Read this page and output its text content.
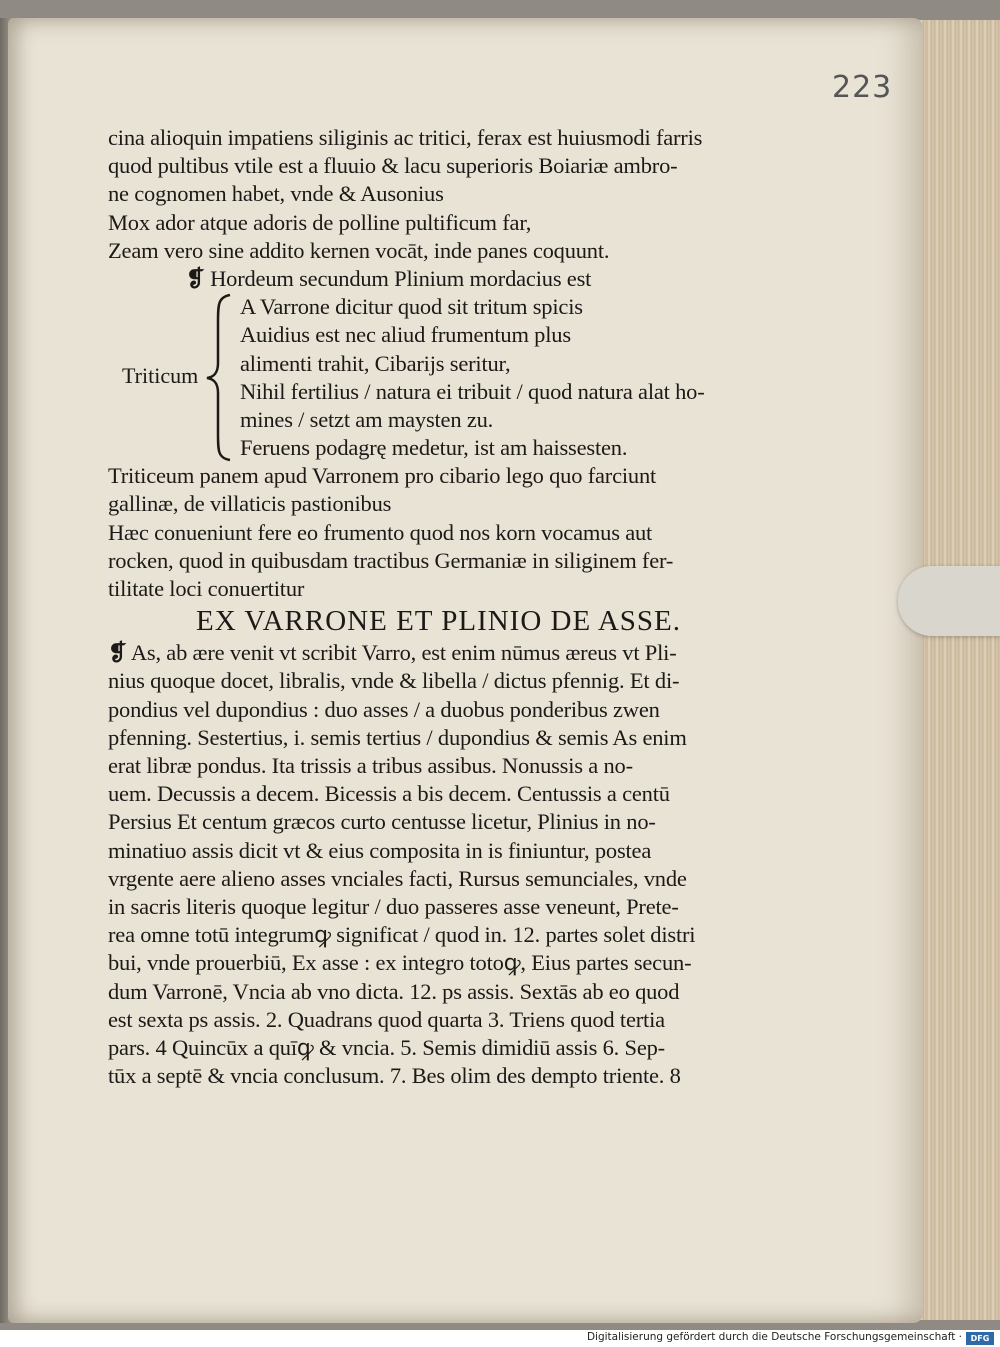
223
cina alioquin impatiens siliginis ac tritici, ferax est huiusmodi farris
quod pultibus vtile est a fluuio & lacu superioris Boiariæ ambro-
ne cognomen habet, vnde & Ausonius
Mox ador atque adoris de polline pultificum far,
Zeam vero sine addito kernen vocāt, inde panes coquunt.
❡ Hordeum secundum Plinium mordacius est
Triticum
A Varrone dicitur quod sit tritum spicis
Auidius est nec aliud frumentum plus
alimenti trahit, Cibarijs seritur,
Nihil fertilius / natura ei tribuit / quod natura alat ho-
mines / setzt am maysten zu.
Feruens podagrę medetur, ist am haissesten.
Triticeum panem apud Varronem pro cibario lego quo farciunt
gallinæ, de villaticis pastionibus
Hæc conueniunt fere eo frumento quod nos korn vocamus aut
rocken, quod in quibusdam tractibus Germaniæ in siliginem fer-
tilitate loci conuertitur
EX VARRONE ET PLINIO DE ASSE.
❡ As, ab ære venit vt scribit Varro, est enim nūmus æreus vt Pli-
nius quoque docet, libralis, vnde & libella / dictus pfennig. Et di-
pondius vel dupondius : duo asses / a duobus ponderibus zwen
pfenning. Sestertius, i. semis tertius / dupondius & semis As enim
erat libræ pondus. Ita trissis a tribus assibus. Nonussis a no-
uem. Decussis a decem. Bicessis a bis decem. Centussis a centū
Persius Et centum græcos curto centusse licetur, Plinius in no-
minatiuo assis dicit vt & eius composita in is finiuntur, postea
vrgente aere alieno asses vnciales facti, Rursus semunciales, vnde
in sacris literis quoque legitur / duo passeres asse veneunt, Prete-
rea omne totū integrumꝙ significat / quod in. 12. partes solet distri
bui, vnde prouerbiū, Ex asse : ex integro totoꝙ, Eius partes secun-
dum Varronē, Vncia ab vno dicta. 12. ps assis. Sextās ab eo quod
est sexta ps assis. 2. Quadrans quod quarta 3. Triens quod tertia
pars. 4 Quincūx a quīꝙ & vncia. 5. Semis dimidiū assis 6. Sep-
tūx a septē & vncia conclusum. 7. Bes olim des dempto triente. 8
Digitalisierung gefördert durch die Deutsche Forschungsgemeinschaft ·	DFG
